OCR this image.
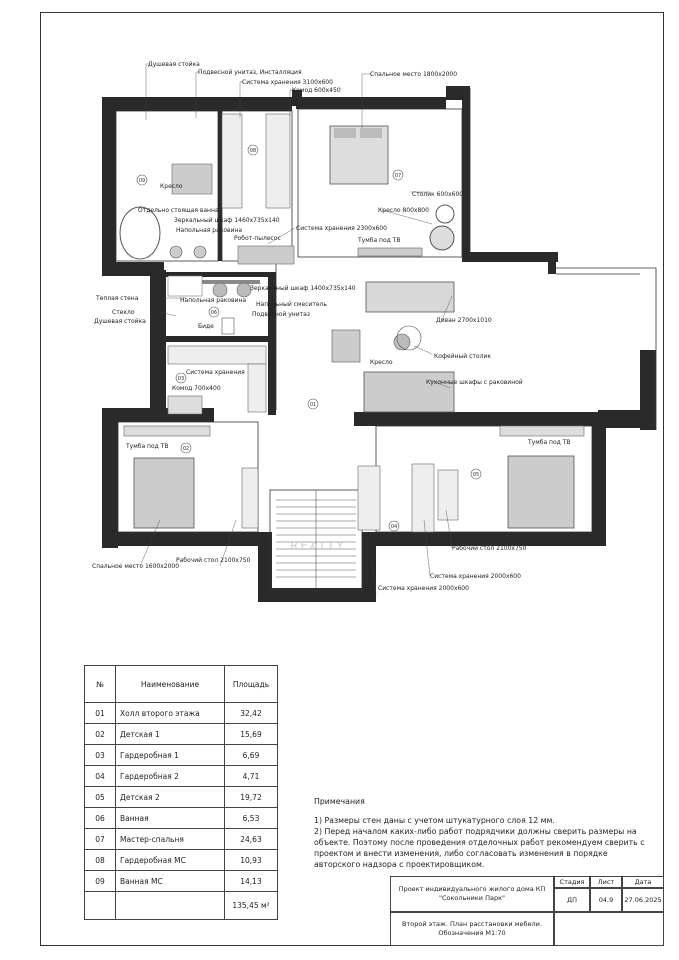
01
02
03
04
05
06
07
08
09
Душевая стойка
Подвесной унитаз, Инсталляция
Система хранения 3100х600
Комод 600х450
Спальное место 1800х2000
Кресло
Отдельно стоящая ванна
Зеркальный шкаф 1460х735х140
Напольная раковина
Робот-пылесос
Система хранения 2300х600
Тумба под ТВ
Столик 600х600
Кресло 800х800
Теплая стена
Стекло
Душевая стойка
Зеркальный шкаф 1400х735х140
Напольная раковина
Напольный смеситель
Подвесной унитаз
Биде
Диван 2700х1010
Система хранения
Комод 700х400
Кресло
Кофейный столик
Кухонные шкафы с раковиной
Тумба под ТВ
Тумба под ТВ
Спальное место 1600х2000
Рабочий стол 2100х750
Рабочий стол 2100х750
Система хранения 2000х600
Система хранения 2000х600
REALTY
№	Наименование	Площадь
01	Холл второго этажа	32,42
02	Детская 1	15,69
03	Гардеробная 1	6,69
04	Гардеробная 2	4,71
05	Детская 2	19,72
06	Ванная	6,53
07	Мастер-спальня	24,63
08	Гардеробная МС	10,93
09	Ванная МС	14,13
		135,45 м²
Примечания
1) Размеры стен даны с учетом штукатурного слоя 12 мм.
2) Перед началом каких-либо работ подрядчики должны сверить размеры на объекте. Поэтому после проведения отделочных работ рекомендуем сверить с проектом и внести изменения, либо согласовать изменения в порядке авторского надзора с проектировщиком.
Проект индивидуального жилого дома КП "Сокольники Парк"
Стадия	Лист	Дата
ДП	04.9	27.06.2025
Второй этаж. План расстановки мебели. Обозначения М1:70
